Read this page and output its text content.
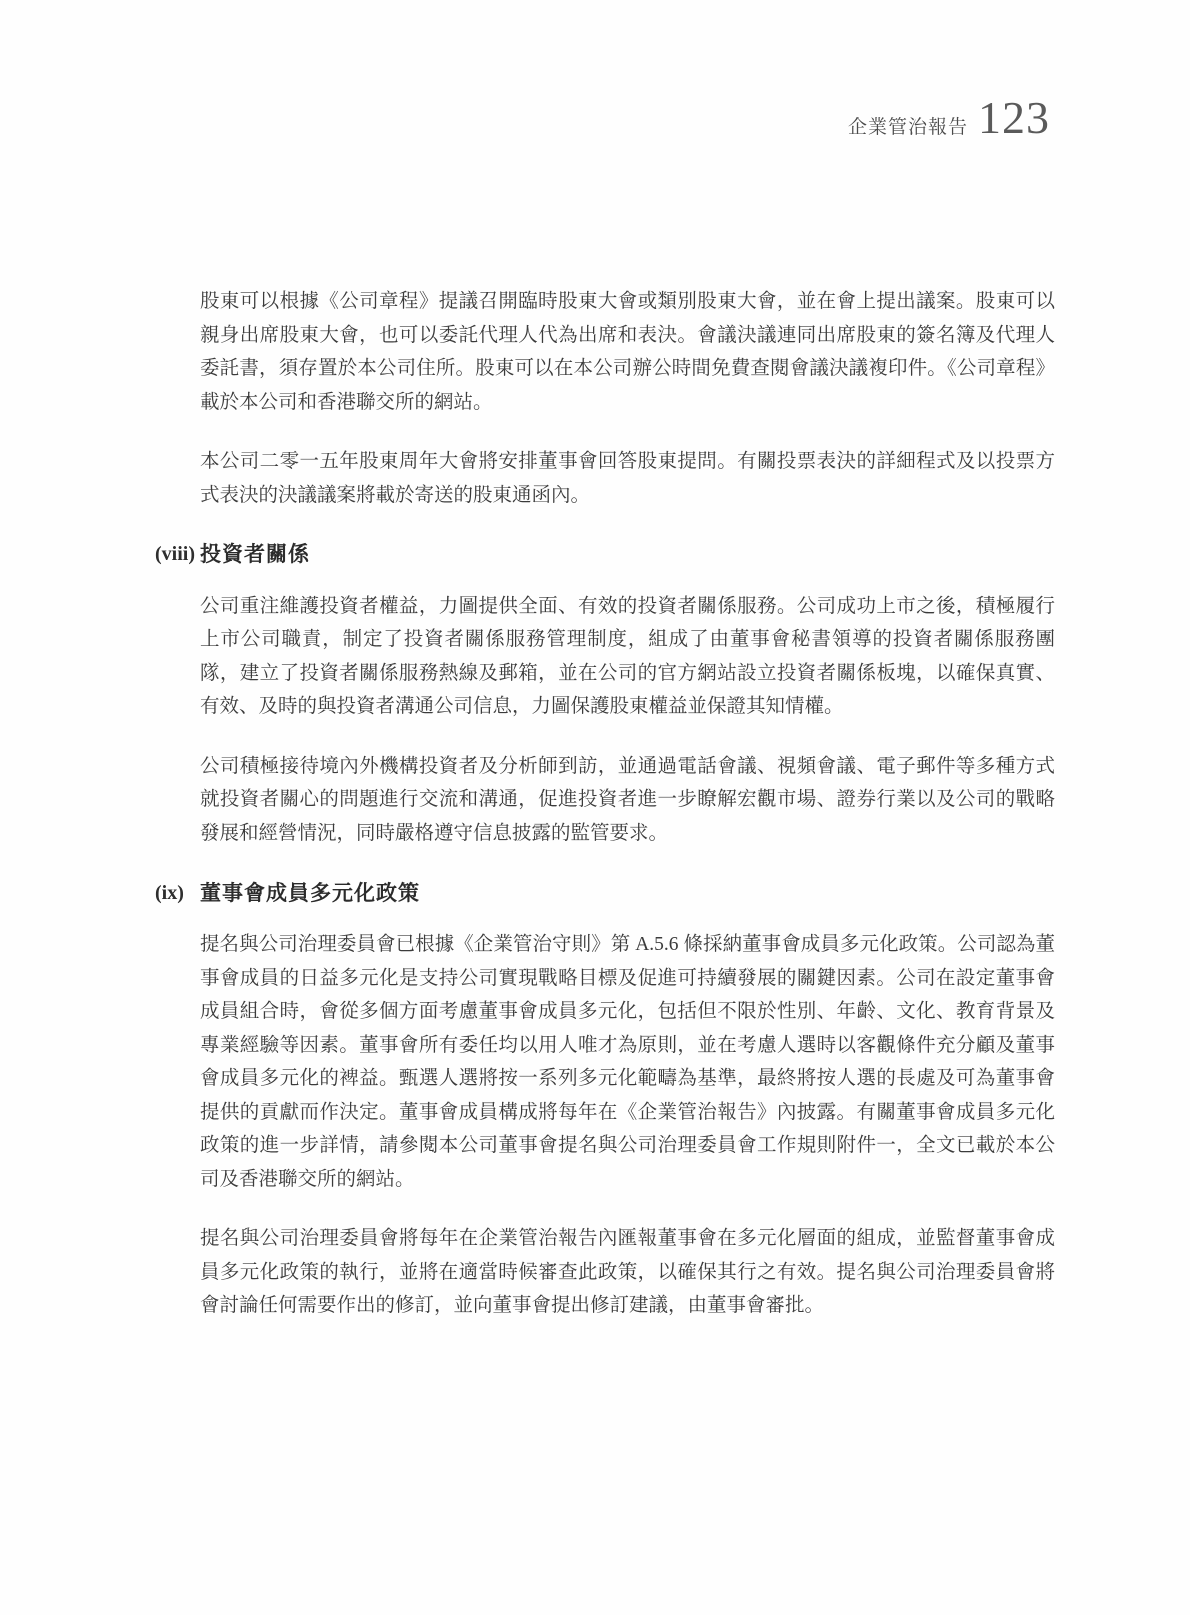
企業管治報告 123

股東可以根據《公司章程》提議召開臨時股東大會或類別股東大會，並在會上提出議案。股東可以親身出席股東大會，也可以委託代理人代為出席和表決。會議決議連同出席股東的簽名簿及代理人委託書，須存置於本公司住所。股東可以在本公司辦公時間免費查閱會議決議複印件。《公司章程》載於本公司和香港聯交所的網站。

本公司二零一五年股東周年大會將安排董事會回答股東提問。有關投票表決的詳細程式及以投票方式表決的決議議案將載於寄送的股東通函內。

(viii) 投資者關係

公司重注維護投資者權益，力圖提供全面、有效的投資者關係服務。公司成功上市之後，積極履行上市公司職責，制定了投資者關係服務管理制度，組成了由董事會秘書領導的投資者關係服務團隊，建立了投資者關係服務熱線及郵箱，並在公司的官方網站設立投資者關係板塊，以確保真實、有效、及時的與投資者溝通公司信息，力圖保護股東權益並保證其知情權。

公司積極接待境內外機構投資者及分析師到訪，並通過電話會議、視頻會議、電子郵件等多種方式就投資者關心的問題進行交流和溝通，促進投資者進一步瞭解宏觀市場、證券行業以及公司的戰略發展和經營情況，同時嚴格遵守信息披露的監管要求。

(ix) 董事會成員多元化政策

提名與公司治理委員會已根據《企業管治守則》第 A.5.6 條採納董事會成員多元化政策。公司認為董事會成員的日益多元化是支持公司實現戰略目標及促進可持續發展的關鍵因素。公司在設定董事會成員組合時，會從多個方面考慮董事會成員多元化，包括但不限於性別、年齡、文化、教育背景及專業經驗等因素。董事會所有委任均以用人唯才為原則，並在考慮人選時以客觀條件充分顧及董事會成員多元化的裨益。甄選人選將按一系列多元化範疇為基準，最終將按人選的長處及可為董事會提供的貢獻而作決定。董事會成員構成將每年在《企業管治報告》內披露。有關董事會成員多元化政策的進一步詳情，請參閱本公司董事會提名與公司治理委員會工作規則附件一，全文已載於本公司及香港聯交所的網站。

提名與公司治理委員會將每年在企業管治報告內匯報董事會在多元化層面的組成，並監督董事會成員多元化政策的執行，並將在適當時候審查此政策，以確保其行之有效。提名與公司治理委員會將會討論任何需要作出的修訂，並向董事會提出修訂建議，由董事會審批。
